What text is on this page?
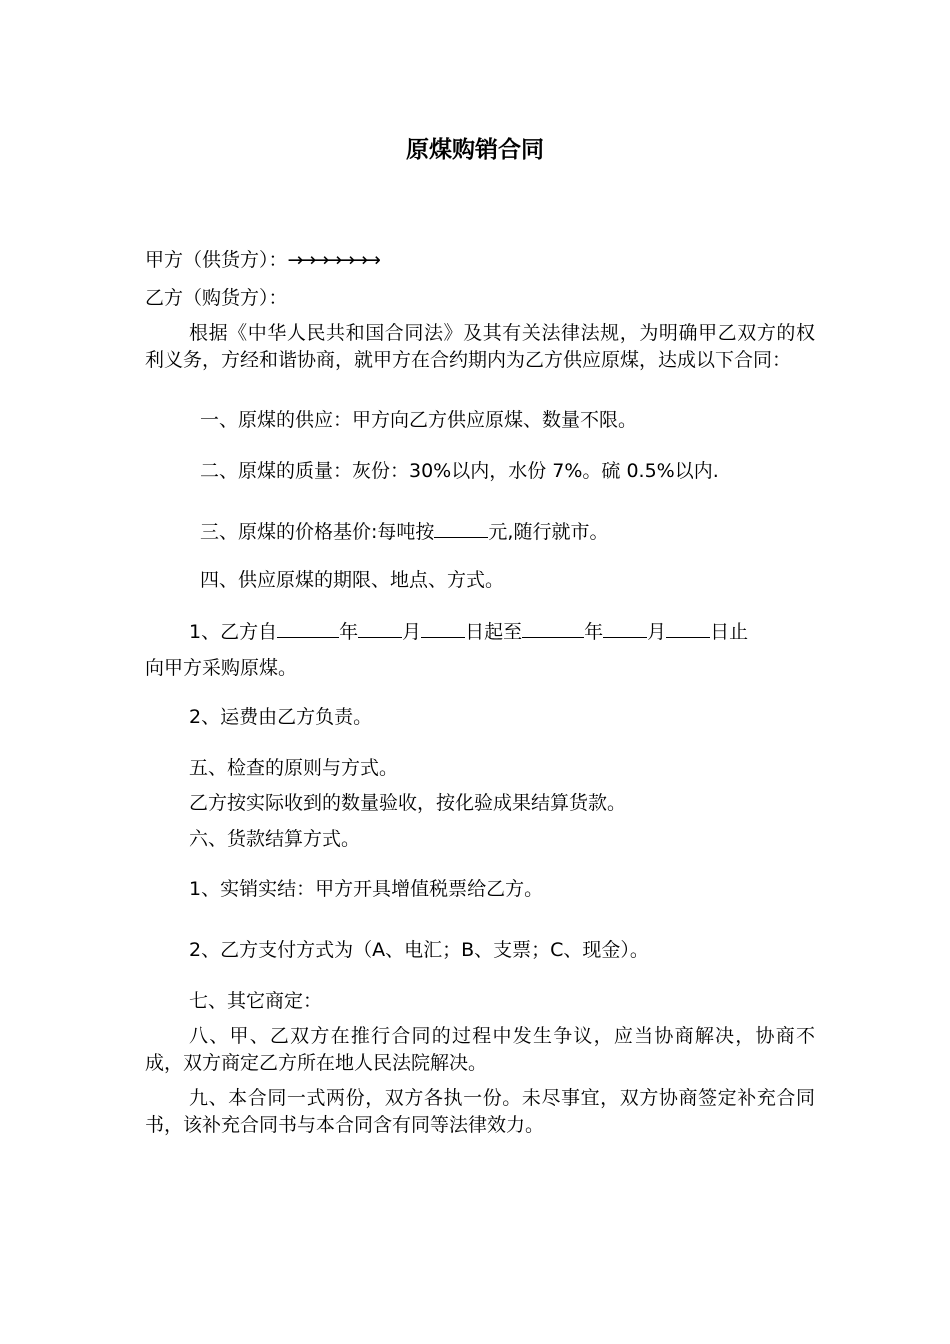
原煤购销合同
甲方（供货方）：→→→→→→→
乙方（购货方）：
根据《中华人民共和国合同法》及其有关法律法规，为明确甲乙双方的权利义务，方经和谐协商，就甲方在合约期内为乙方供应原煤，达成以下合同：
一、原煤的供应：甲方向乙方供应原煤、数量不限。
二、原煤的质量：灰份：30%以内，水份 7%。硫 0.5%以内.
三、原煤的价格基价:每吨按	元,随行就市。
四、供应原煤的期限、地点、方式。
1、乙方自	年 月 日起至	年 月 日止
向甲方采购原煤。
2、运费由乙方负责。
五、检查的原则与方式。
乙方按实际收到的数量验收，按化验成果结算货款。
六、货款结算方式。
1、实销实结：甲方开具增值税票给乙方。
2、乙方支付方式为（A、电汇；B、支票；C、现金）。
七、其它商定：
八、甲、乙双方在推行合同的过程中发生争议，应当协商解决，协商不成，双方商定乙方所在地人民法院解决。
九、本合同一式两份，双方各执一份。未尽事宜，双方协商签定补充合同书，该补充合同书与本合同含有同等法律效力。
